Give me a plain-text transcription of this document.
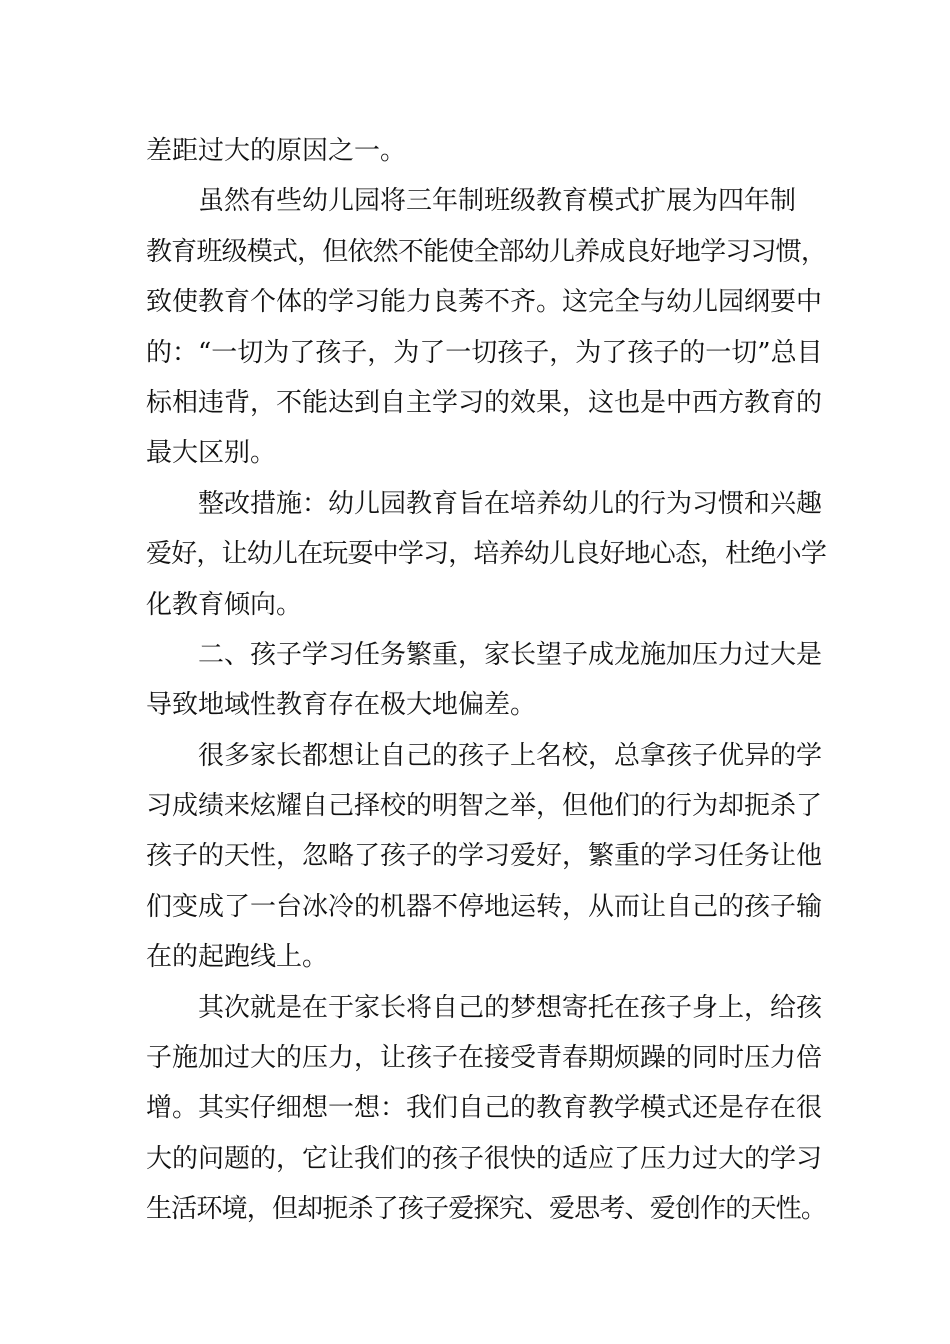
差距过大的原因之一。
虽然有些幼儿园将三年制班级教育模式扩展为四年制
教育班级模式，但依然不能使全部幼儿养成良好地学习习惯，
致使教育个体的学习能力良莠不齐。这完全与幼儿园纲要中
的：“一切为了孩子，为了一切孩子，为了孩子的一切”总目
标相违背，不能达到自主学习的效果，这也是中西方教育的
最大区别。
整改措施：幼儿园教育旨在培养幼儿的行为习惯和兴趣
爱好，让幼儿在玩耍中学习，培养幼儿良好地心态，杜绝小学
化教育倾向。
二、孩子学习任务繁重，家长望子成龙施加压力过大是
导致地域性教育存在极大地偏差。
很多家长都想让自己的孩子上名校，总拿孩子优异的学
习成绩来炫耀自己择校的明智之举，但他们的行为却扼杀了
孩子的天性，忽略了孩子的学习爱好，繁重的学习任务让他
们变成了一台冰冷的机器不停地运转，从而让自己的孩子输
在的起跑线上。
其次就是在于家长将自己的梦想寄托在孩子身上，给孩
子施加过大的压力，让孩子在接受青春期烦躁的同时压力倍
增。其实仔细想一想：我们自己的教育教学模式还是存在很
大的问题的，它让我们的孩子很快的适应了压力过大的学习
生活环境，但却扼杀了孩子爱探究、爱思考、爱创作的天性。
